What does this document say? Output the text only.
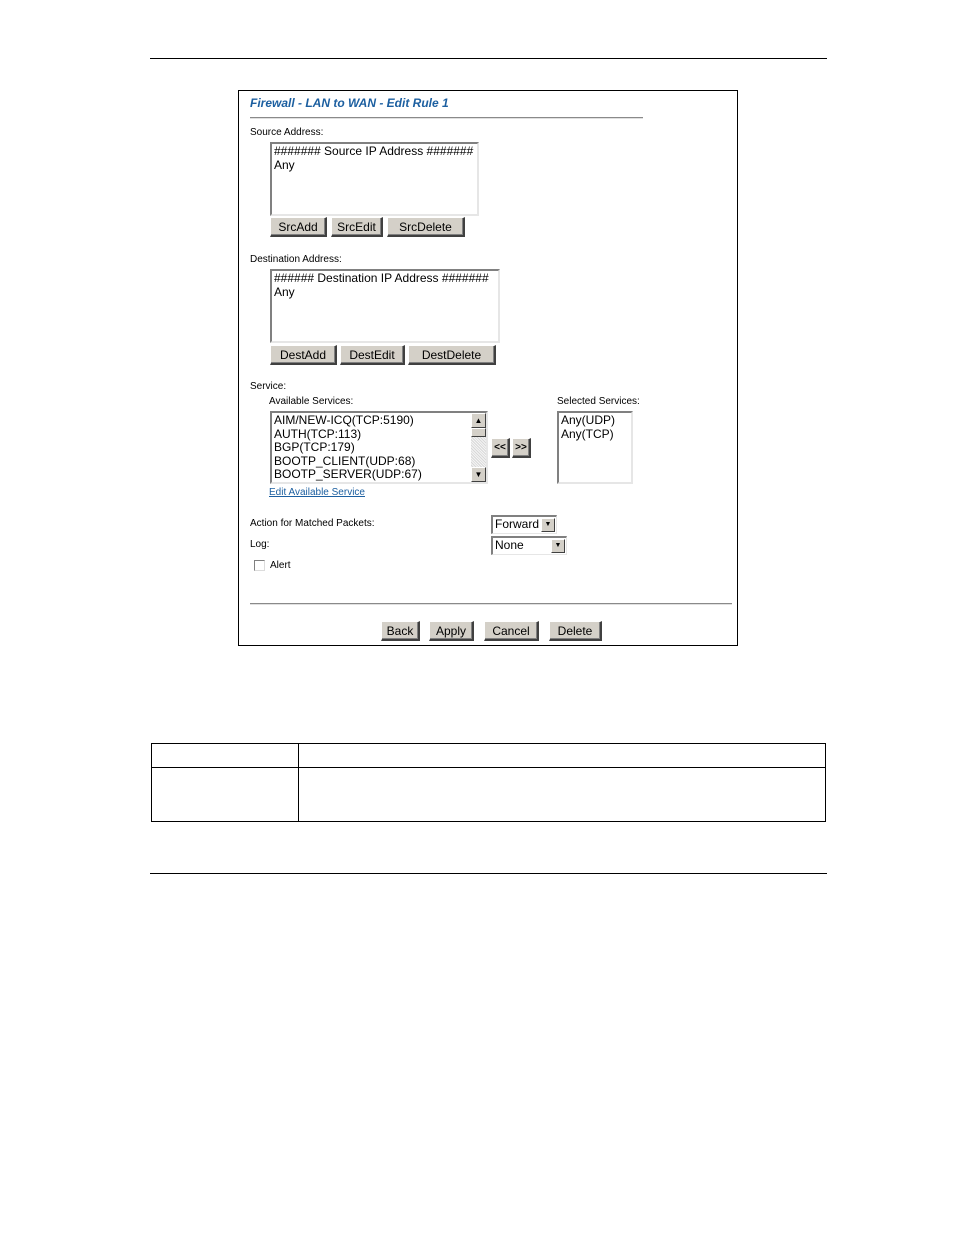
Firewall - LAN to WAN - Edit Rule 1
Source Address:
####### Source IP Address #######
Any
SrcAdd	SrcEdit	SrcDelete
Destination Address:
###### Destination IP Address #######
Any
DestAdd	DestEdit	DestDelete
Service:
Available Services:
AIM/NEW-ICQ(TCP:5190)
AUTH(TCP:113)
BGP(TCP:179)
BOOTP_CLIENT(UDP:68)
BOOTP_SERVER(UDP:67)
▲
▼
<< >>
Selected Services:
Any(UDP)
Any(TCP)
Edit Available Service
Action for Matched Packets:	Forward ▼
Log:	None	▼
Alert
Back	Apply	Cancel	Delete
